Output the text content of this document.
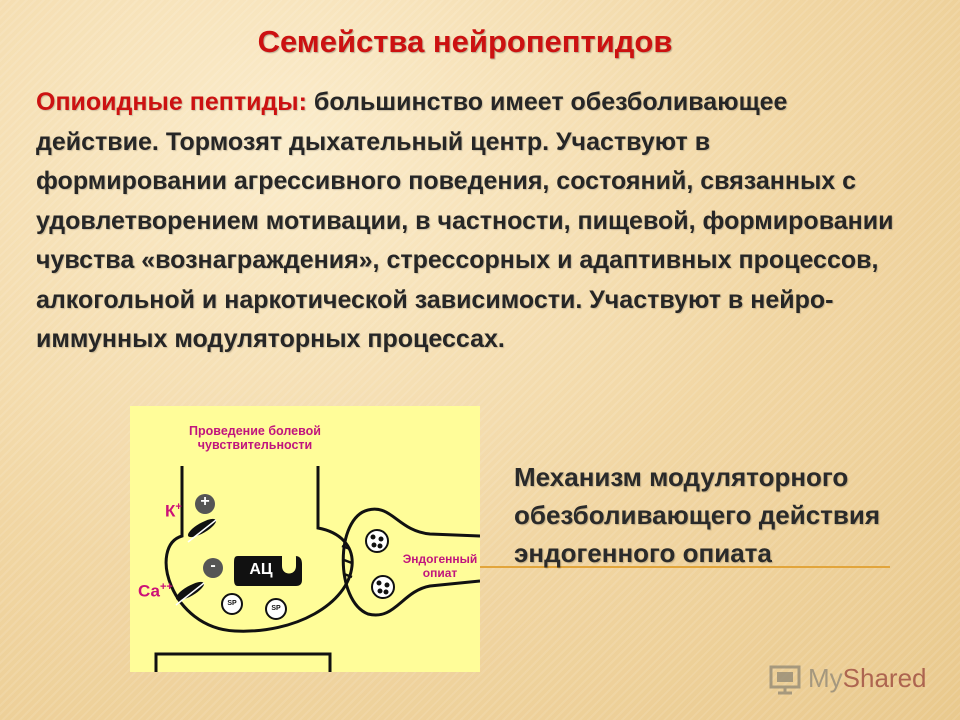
Семейства нейропептидов
Опиоидные пептиды: большинство имеет обезболивающее действие. Тормозят дыхательный центр. Участвуют в формировании агрессивного поведения, состояний, связанных с удовлетворением мотивации, в частности, пищевой, формировании чувства «вознаграждения», стрессорных и адаптивных процессов, алкогольной и наркотической зависимости. Участвуют в нейро-иммунных модуляторных процессах.
Проведение болевой чувствительности
К+ +
-
Са++
АЦ
SP
SP
Эндогенный опиат
Механизм модуляторного обезболивающего действия эндогенного опиата
MyShared
